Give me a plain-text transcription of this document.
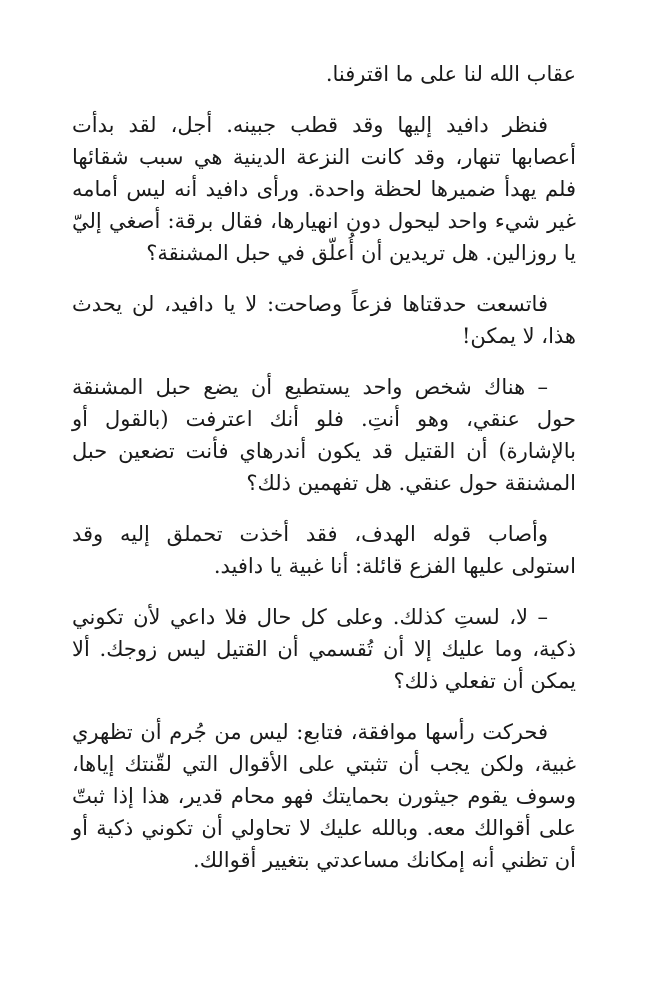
عقاب الله لنا على ما اقترفنا.

فنظر دافيد إليها وقد قطب جبينه. أجل، لقد بدأت أعصابها تنهار، وقد كانت النزعة الدينية هي سبب شقائها فلم يهدأ ضميرها لحظة واحدة. ورأى دافيد أنه ليس أمامه غير شيء واحد ليحول دون انهيارها، فقال برقة: أصغي إليّ يا روزالين. هل تريدين أن أُعلّق في حبل المشنقة؟

فاتسعت حدقتاها فزعاً وصاحت: لا يا دافيد، لن يحدث هذا، لا يمكن!

– هناك شخص واحد يستطيع أن يضع حبل المشنقة حول عنقي، وهو أنتِ. فلو أنك اعترفت (بالقول أو بالإشارة) أن القتيل قد يكون أندرهاي فأنت تضعين حبل المشنقة حول عنقي. هل تفهمين ذلك؟

وأصاب قوله الهدف، فقد أخذت تحملق إليه وقد استولى عليها الفزع قائلة: أنا غبية يا دافيد.

– لا، لستِ كذلك. وعلى كل حال فلا داعي لأن تكوني ذكية، وما عليك إلا أن تُقسمي أن القتيل ليس زوجك. ألا يمكن أن تفعلي ذلك؟

فحركت رأسها موافقة، فتابع: ليس من جُرم أن تظهري غبية، ولكن يجب أن تثبتي على الأقوال التي لقّنتك إياها، وسوف يقوم جيثورن بحمايتك فهو محام قدير، هذا إذا ثبتّ على أقوالك معه. وبالله عليك لا تحاولي أن تكوني ذكية أو أن تظني أنه إمكانك مساعدتي بتغيير أقوالك.
